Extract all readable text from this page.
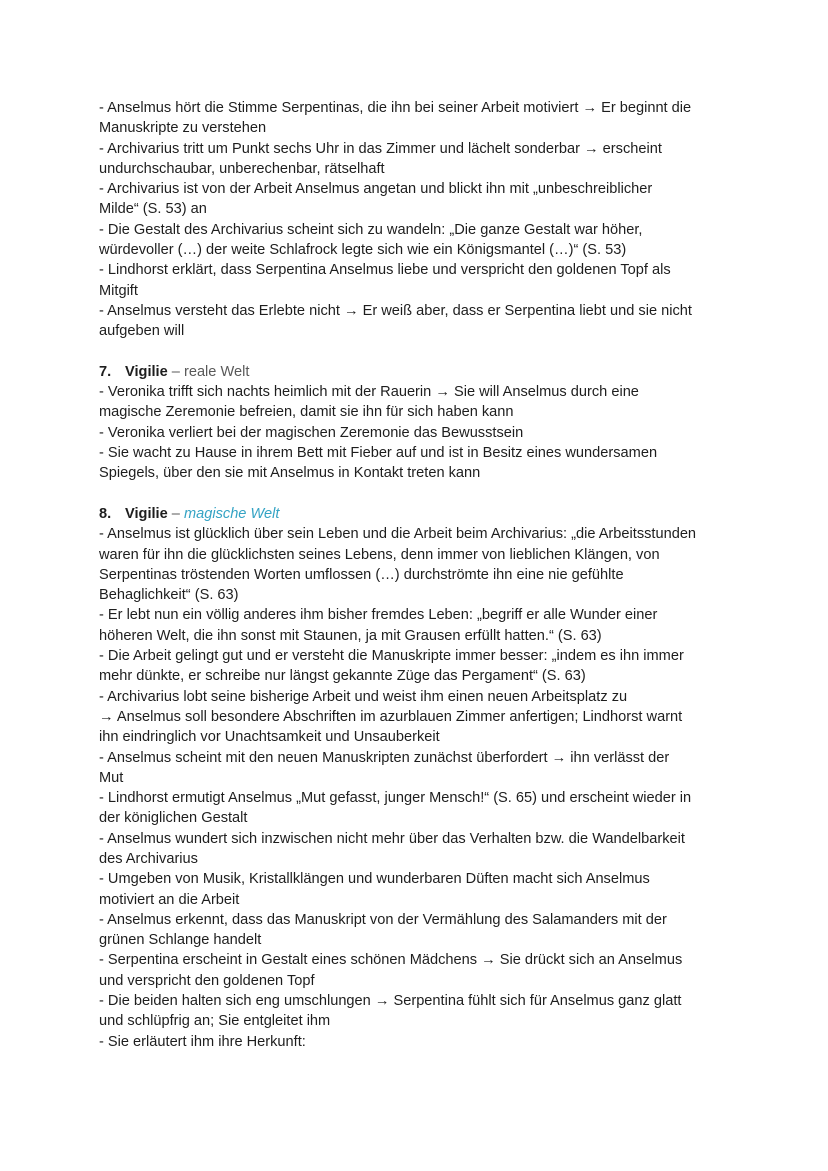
- Anselmus hört die Stimme Serpentinas, die ihn bei seiner Arbeit motiviert → Er beginnt die
Manuskripte zu verstehen
- Archivarius tritt um Punkt sechs Uhr in das Zimmer und lächelt sonderbar → erscheint
undurchschaubar, unberechenbar, rätselhaft
- Archivarius ist von der Arbeit Anselmus angetan und blickt ihn mit „unbeschreiblicher
Milde“ (S. 53) an
- Die Gestalt des Archivarius scheint sich zu wandeln: „Die ganze Gestalt war höher,
würdevoller (…) der weite Schlafrock legte sich wie ein Königsmantel (…)“ (S. 53)
- Lindhorst erklärt, dass Serpentina Anselmus liebe und verspricht den goldenen Topf als
Mitgift
- Anselmus versteht das Erlebte nicht → Er weiß aber, dass er Serpentina liebt und sie nicht
aufgeben will
7. Vigilie – reale Welt
- Veronika trifft sich nachts heimlich mit der Rauerin → Sie will Anselmus durch eine
magische Zeremonie befreien, damit sie ihn für sich haben kann
- Veronika verliert bei der magischen Zeremonie das Bewusstsein
- Sie wacht zu Hause in ihrem Bett mit Fieber auf und ist in Besitz eines wundersamen
Spiegels, über den sie mit Anselmus in Kontakt treten kann
8. Vigilie – magische Welt
- Anselmus ist glücklich über sein Leben und die Arbeit beim Archivarius: „die Arbeitsstunden
waren für ihn die glücklichsten seines Lebens, denn immer von lieblichen Klängen, von
Serpentinas tröstenden Worten umflossen (…) durchströmte ihn eine nie gefühlte
Behaglichkeit“ (S. 63)
- Er lebt nun ein völlig anderes ihm bisher fremdes Leben: „begriff er alle Wunder einer
höheren Welt, die ihn sonst mit Staunen, ja mit Grausen erfüllt hatten.“ (S. 63)
- Die Arbeit gelingt gut und er versteht die Manuskripte immer besser: „indem es ihn immer
mehr dünkte, er schreibe nur längst gekannte Züge das Pergament“ (S. 63)
- Archivarius lobt seine bisherige Arbeit und weist ihm einen neuen Arbeitsplatz zu
→ Anselmus soll besondere Abschriften im azurblauen Zimmer anfertigen; Lindhorst warnt
ihn eindringlich vor Unachtsamkeit und Unsauberkeit
- Anselmus scheint mit den neuen Manuskripten zunächst überfordert → ihn verlässt der
Mut
- Lindhorst ermutigt Anselmus „Mut gefasst, junger Mensch!“ (S. 65) und erscheint wieder in
der königlichen Gestalt
- Anselmus wundert sich inzwischen nicht mehr über das Verhalten bzw. die Wandelbarkeit
des Archivarius
- Umgeben von Musik, Kristallklängen und wunderbaren Düften macht sich Anselmus
motiviert an die Arbeit
- Anselmus erkennt, dass das Manuskript von der Vermählung des Salamanders mit der
grünen Schlange handelt
- Serpentina erscheint in Gestalt eines schönen Mädchens → Sie drückt sich an Anselmus
und verspricht den goldenen Topf
- Die beiden halten sich eng umschlungen → Serpentina fühlt sich für Anselmus ganz glatt
und schlüpfrig an; Sie entgleitet ihm
- Sie erläutert ihm ihre Herkunft:
